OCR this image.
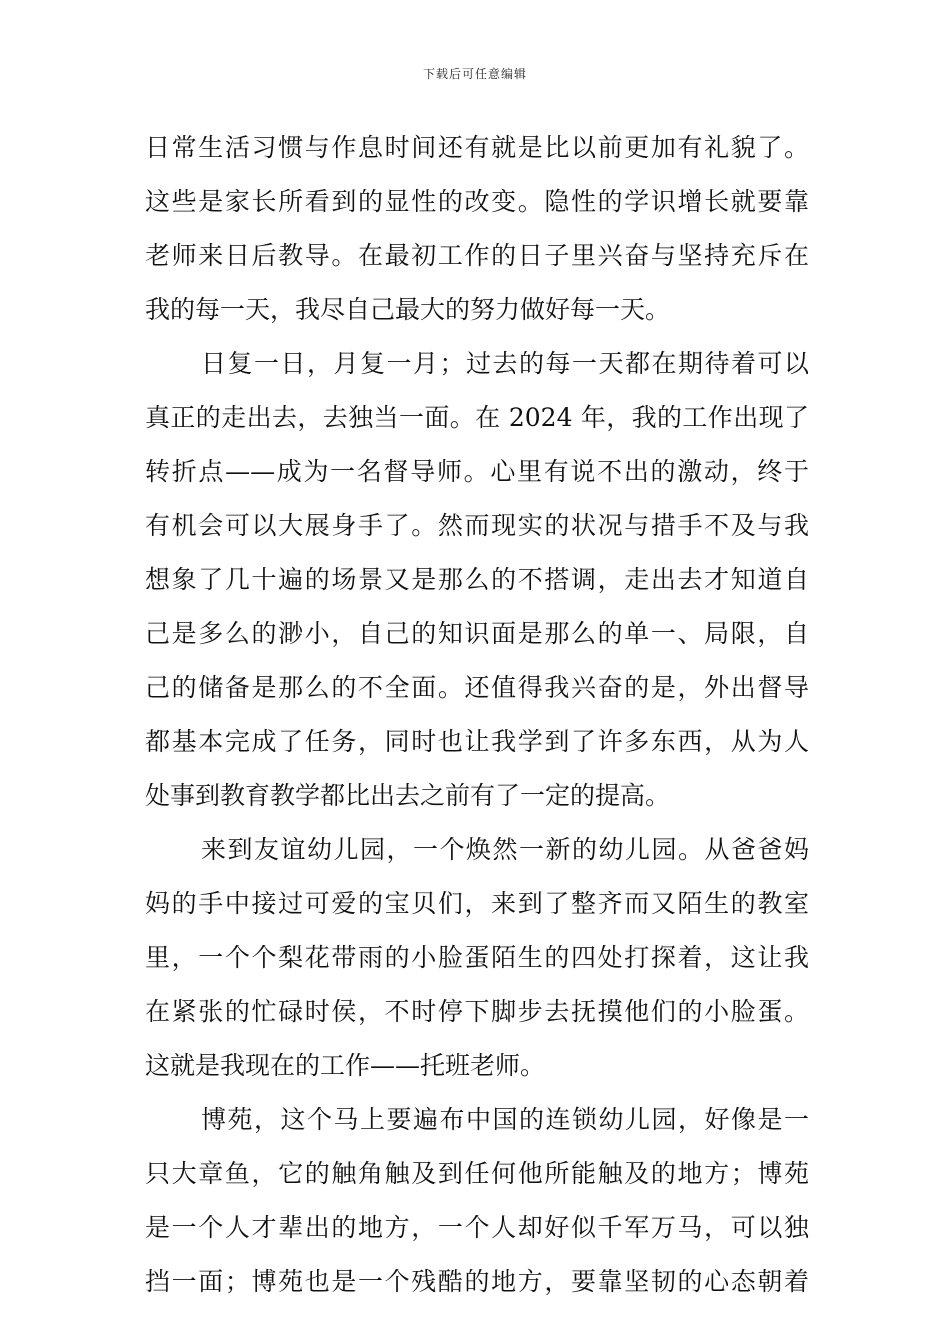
下载后可任意编辑
日常生活习惯与作息时间还有就是比以前更加有礼貌了。
这些是家长所看到的显性的改变。隐性的学识增长就要靠
老师来日后教导。在最初工作的日子里兴奋与坚持充斥在
我的每一天，我尽自己最大的努力做好每一天。
日复一日，月复一月；过去的每一天都在期待着可以
真正的走出去，去独当一面。在 2024 年，我的工作出现了
转折点——成为一名督导师。心里有说不出的激动，终于
有机会可以大展身手了。然而现实的状况与措手不及与我
想象了几十遍的场景又是那么的不搭调，走出去才知道自
己是多么的渺小，自己的知识面是那么的单一、局限，自
己的储备是那么的不全面。还值得我兴奋的是，外出督导
都基本完成了任务，同时也让我学到了许多东西，从为人
处事到教育教学都比出去之前有了一定的提高。
来到友谊幼儿园，一个焕然一新的幼儿园。从爸爸妈
妈的手中接过可爱的宝贝们，来到了整齐而又陌生的教室
里，一个个梨花带雨的小脸蛋陌生的四处打探着，这让我
在紧张的忙碌时侯，不时停下脚步去抚摸他们的小脸蛋。
这就是我现在的工作——托班老师。
博苑，这个马上要遍布中国的连锁幼儿园，好像是一
只大章鱼，它的触角触及到任何他所能触及的地方；博苑
是一个人才辈出的地方，一个人却好似千军万马，可以独
挡一面；博苑也是一个残酷的地方，要靠坚韧的心态朝着
